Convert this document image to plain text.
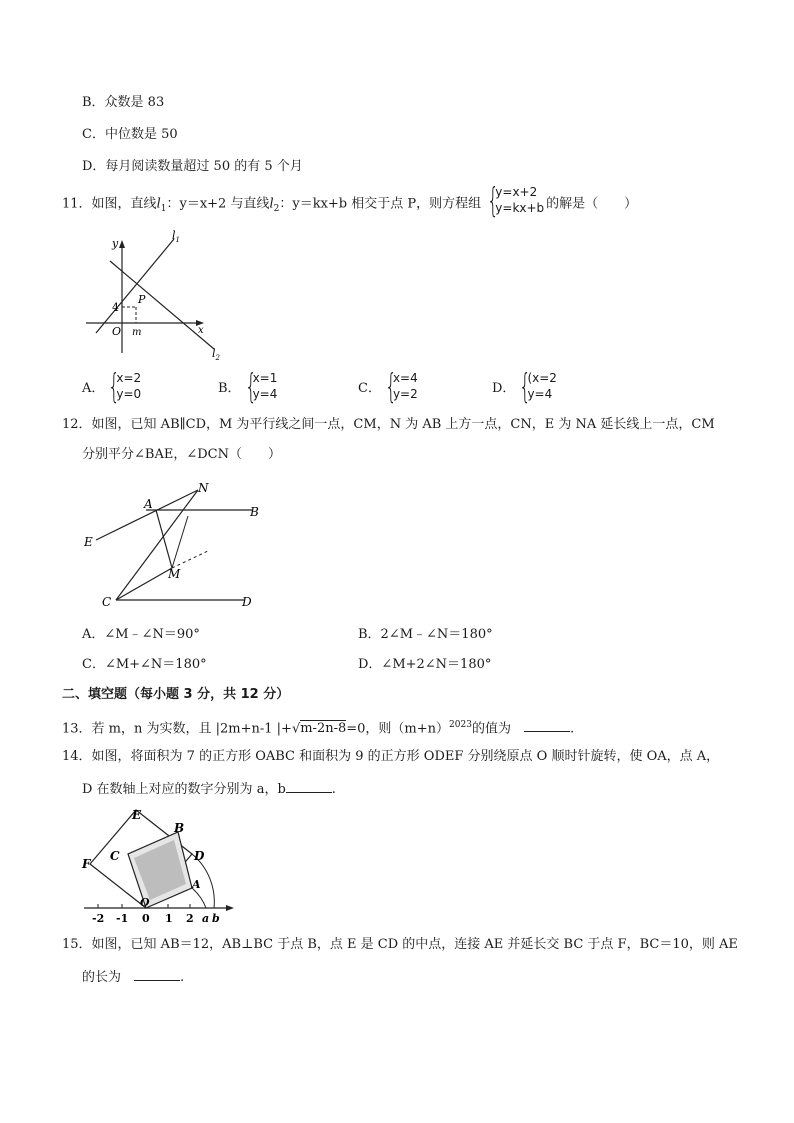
B．众数是 83
C．中位数是 50
D．每月阅读数量超过 50 的有 5 个月
11．如图，直线$l_1$：y＝x+2 与直线$l_2$：y＝kx+b 相交于点 P，则方程组 {
y=x+2
y=kx+b 的解是（　　）
y
$l_1$
$l_2$
P
4
O m	x
A． {
x=2
y=0	B． {
x=1
y=4	C． {
x=4
y=2	D． {
(x=2
y=4
12．如图，已知 AB∥CD，M 为平行线之间一点，CM，N 为 AB 上方一点，CN，E 为 NA 延长线上一点，CM
分别平分∠BAE，∠DCN（　　）
A
N
B
E
M
C	D
A．∠M﹣∠N＝90°	B．2∠M﹣∠N＝180°
C．∠M+∠N＝180°	D．∠M+2∠N＝180°
二、填空题（每小题 3 分，共 12 分）
13．若 m，n 为实数，且 |2m+n-1 |+√m-2n-8=0，则$(m+n)^{2023}$的值为　	.
14．如图，将面积为 7 的正方形 OABC 和面积为 9 的正方形 ODEF 分别绕原点 O 顺时针旋转，使 OA，点 A，
D 在数轴上对应的数字分别为 a，b	.
E
B
F
C	D
A
O
-2 -1 0 1 2 a b
15．如图，已知 AB＝12，AB⊥BC 于点 B，点 E 是 CD 的中点，连接 AE 并延长交 BC 于点 F，BC＝10，则 AE
的长为　	.
